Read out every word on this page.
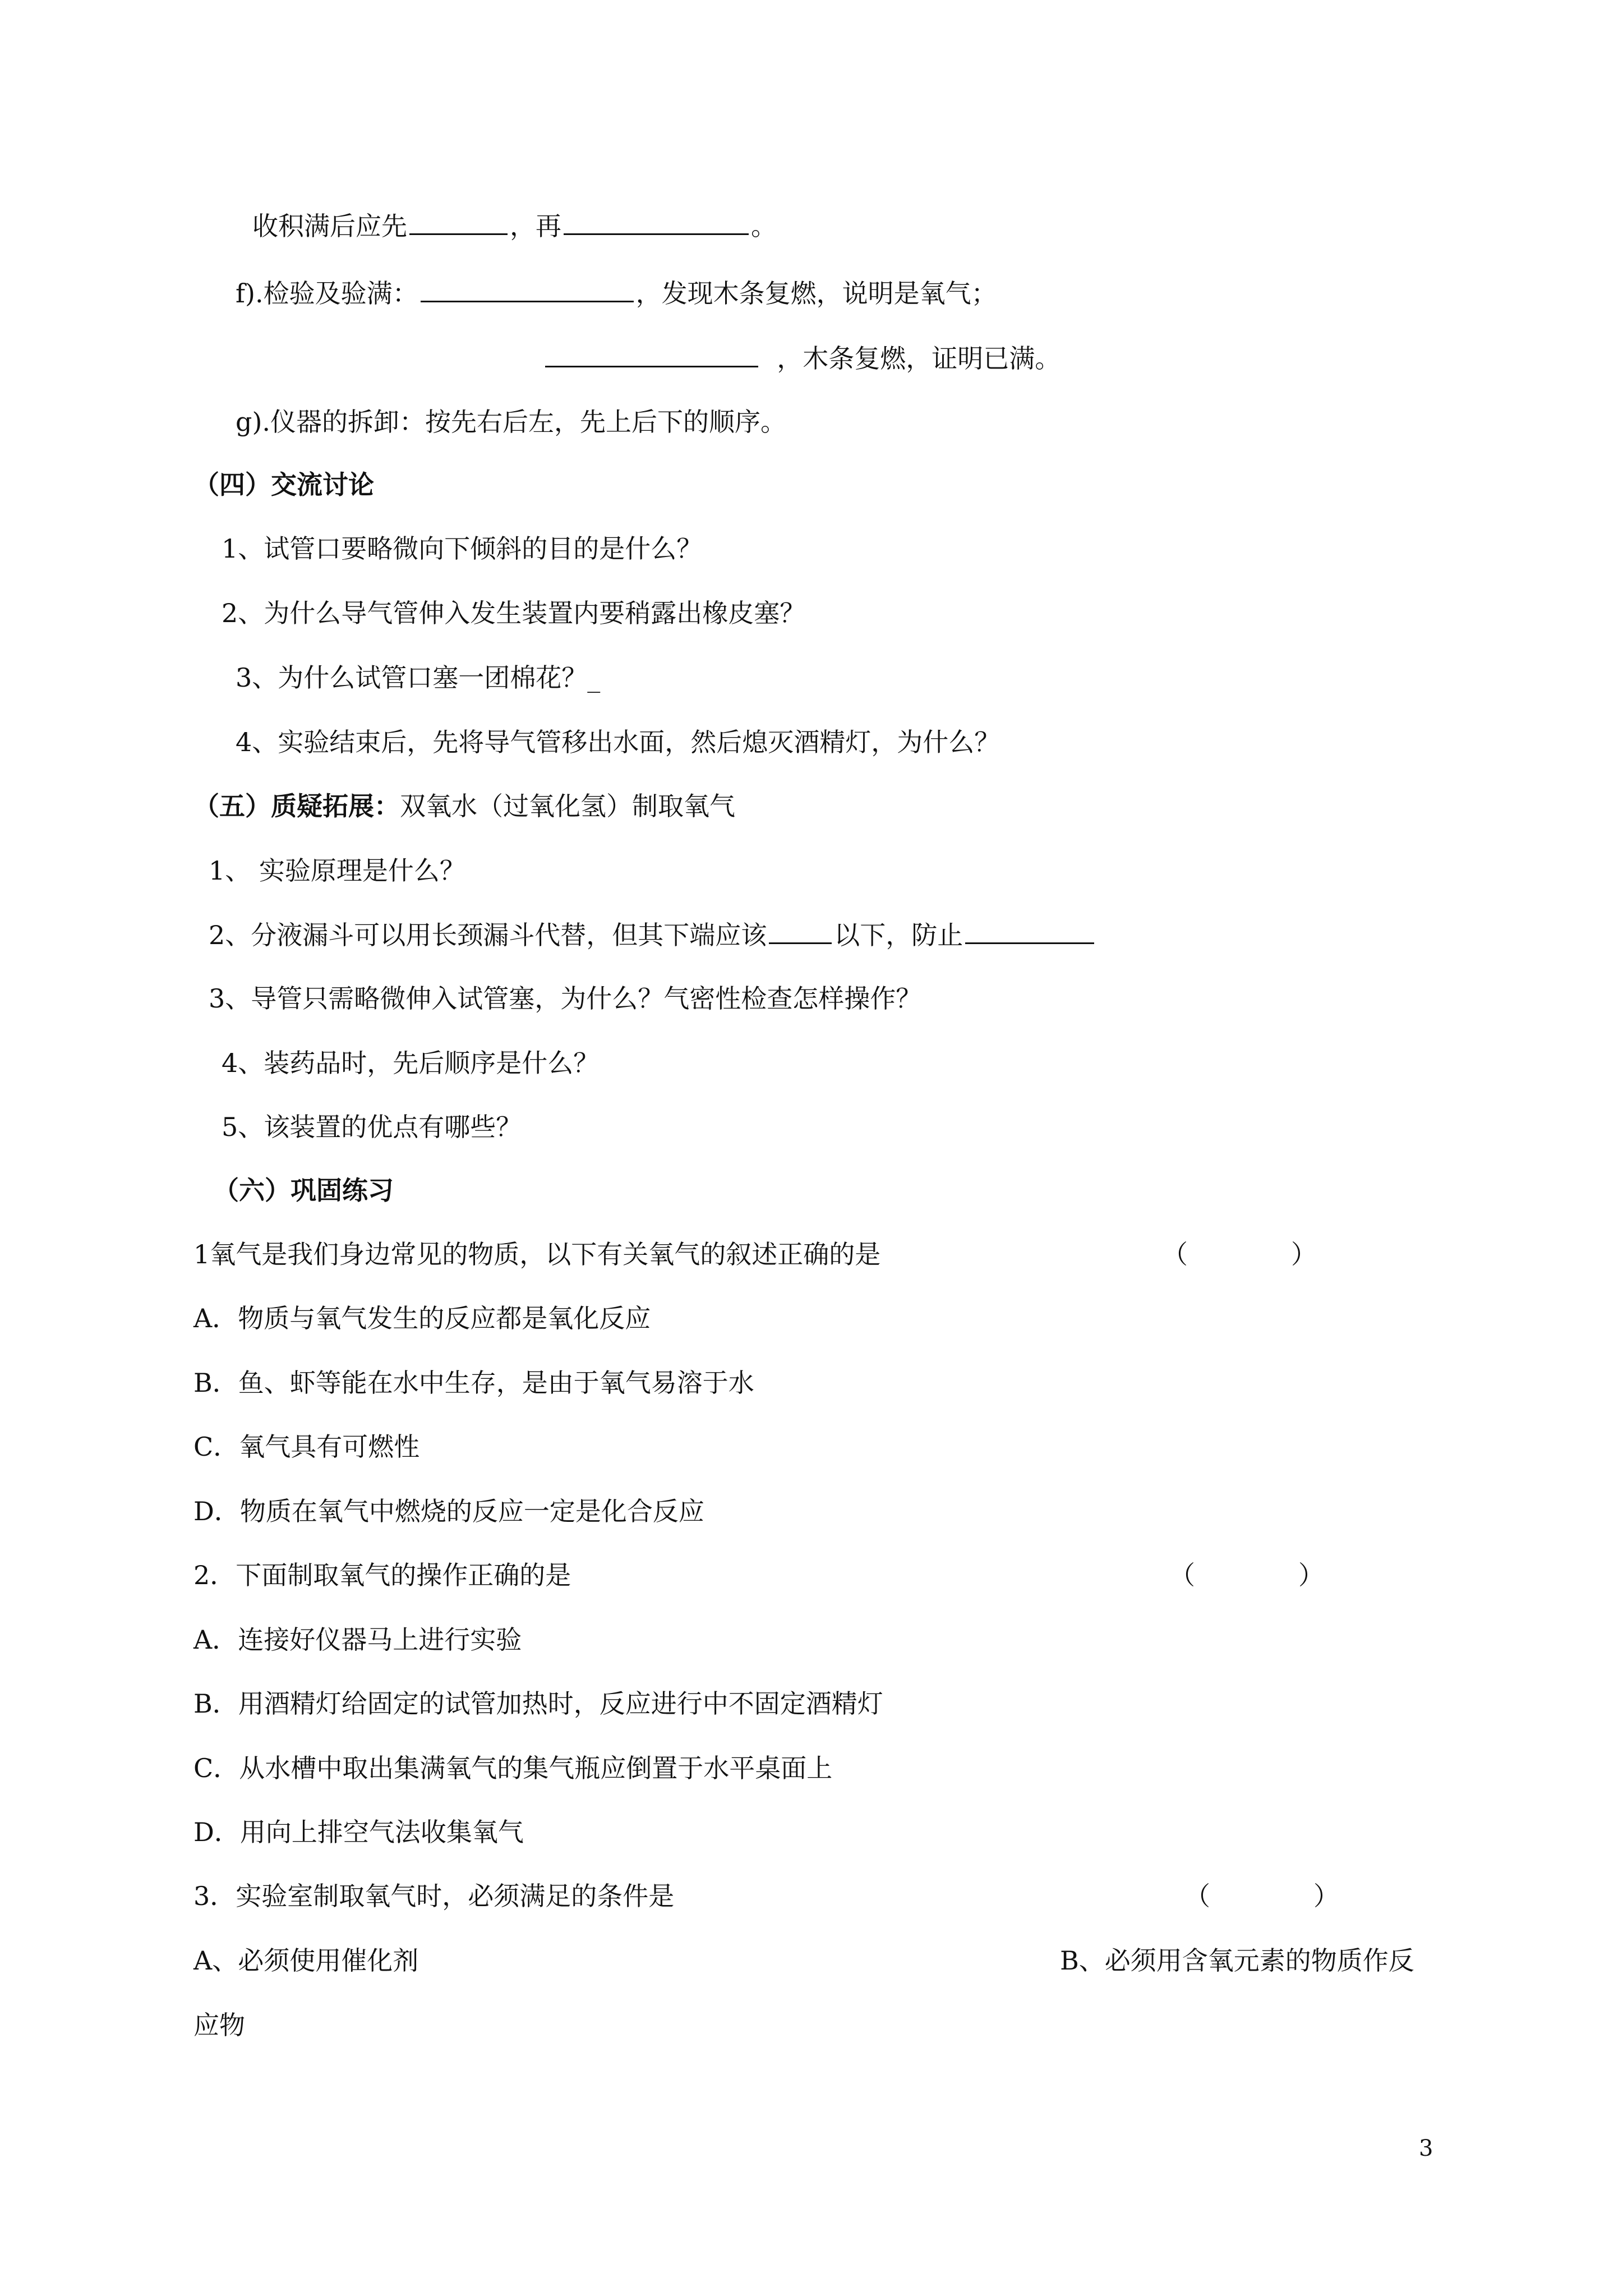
收积满后应先	，再	。
f).检验及验满：	，发现木条复燃，说明是氧气；
，木条复燃，证明已满。
g).仪器的拆卸：按先右后左，先上后下的顺序。
（四）交流讨论
1、试管口要略微向下倾斜的目的是什么？
2、为什么导气管伸入发生装置内要稍露出橡皮塞？
3、为什么试管口塞一团棉花？_
4、实验结束后，先将导气管移出水面，然后熄灭酒精灯，为什么？
（五）质疑拓展：双氧水（过氧化氢）制取氧气
1、 实验原理是什么？
2、分液漏斗可以用长颈漏斗代替，但其下端应该	以下，防止
3、导管只需略微伸入试管塞，为什么？气密性检查怎样操作？
4、装药品时，先后顺序是什么？
5、该装置的优点有哪些？
（六）巩固练习
1氧气是我们身边常见的物质，以下有关氧气的叙述正确的是	（　　　　）
A．物质与氧气发生的反应都是氧化反应
B．鱼、虾等能在水中生存，是由于氧气易溶于水
C．氧气具有可燃性
D．物质在氧气中燃烧的反应一定是化合反应
2．下面制取氧气的操作正确的是	（　　　　）
A．连接好仪器马上进行实验
B．用酒精灯给固定的试管加热时，反应进行中不固定酒精灯
C．从水槽中取出集满氧气的集气瓶应倒置于水平桌面上
D．用向上排空气法收集氧气
3．实验室制取氧气时，必须满足的条件是	（　　　　）
A、必须使用催化剂	B、必须用含氧元素的物质作反
应物
3
